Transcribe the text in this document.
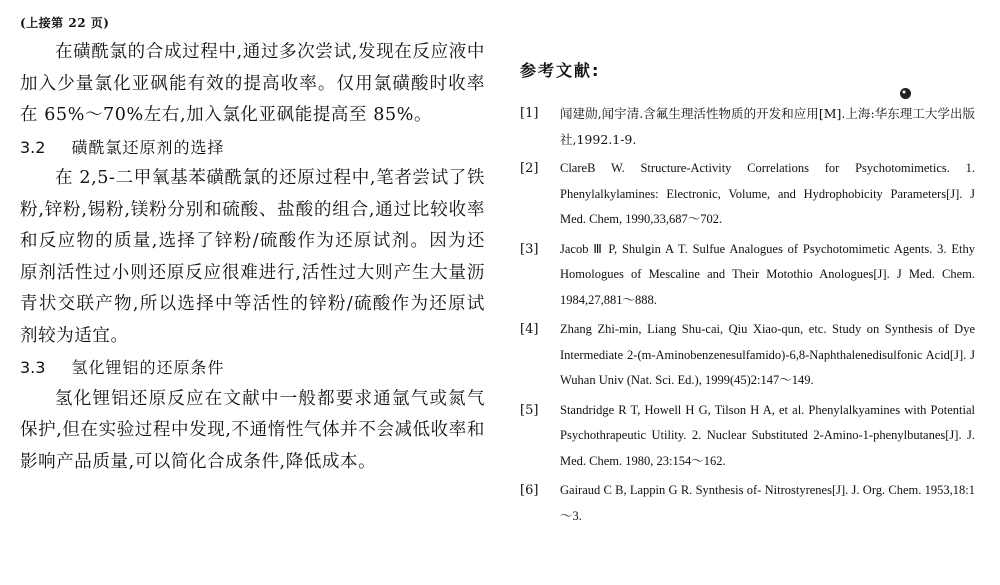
(上接第 22 页)

在磺酰氯的合成过程中,通过多次尝试,发现在反应液中加入少量氯化亚砜能有效的提高收率。仅用氯磺酸时收率在 65%～70%左右,加入氯化亚砜能提高至 85%。

3.2 磺酰氯还原剂的选择

在 2,5-二甲氧基苯磺酰氯的还原过程中,笔者尝试了铁粉,锌粉,锡粉,镁粉分别和硫酸、盐酸的组合,通过比较收率和反应物的质量,选择了锌粉/硫酸作为还原试剂。因为还原剂活性过小则还原反应很难进行,活性过大则产生大量沥青状交联产物,所以选择中等活性的锌粉/硫酸作为还原试剂较为适宜。

3.3 氢化锂铝的还原条件

氢化锂铝还原反应在文献中一般都要求通氩气或氮气保护,但在实验过程中发现,不通惰性气体并不会减低收率和影响产品质量,可以简化合成条件,降低成本。

参考文献:

[1]	闻建勋,闻宇清.含氟生理活性物质的开发和应用[M].上海:华东理工大学出版社,1992.1-9.
[2]	ClareB W. Structure-Activity Correlations for Psychotomimetics. 1. Phenylalkylamines: Electronic, Volume, and Hydrophobicity Parameters[J]. J Med. Chem, 1990,33,687～702.
[3]	Jacob Ⅲ P, Shulgin A T. Sulfue Analogues of Psychotomimetic Agents. 3. Ethy Homologues of Mescaline and Their Motothio Anologues[J]. J Med. Chem. 1984,27,881～888.
[4]	Zhang Zhi-min, Liang Shu-cai, Qiu Xiao-qun, etc. Study on Synthesis of Dye Intermediate 2-(m-Aminobenzenesulfamido)-6,8-Naphthalenedisulfonic Acid[J]. J Wuhan Univ (Nat. Sci. Ed.), 1999(45)2:147～149.
[5]	Standridge R T, Howell H G, Tilson H A, et al. Phenylalkyamines with Potential Psychothrapeutic Utility. 2. Nuclear Substituted 2-Amino-1-phenylbutanes[J]. J. Med. Chem. 1980, 23:154～162.
[6]	Gairaud C B, Lappin G R. Synthesis of- Nitrostyrenes[J]. J. Org. Chem. 1953,18:1～3.
